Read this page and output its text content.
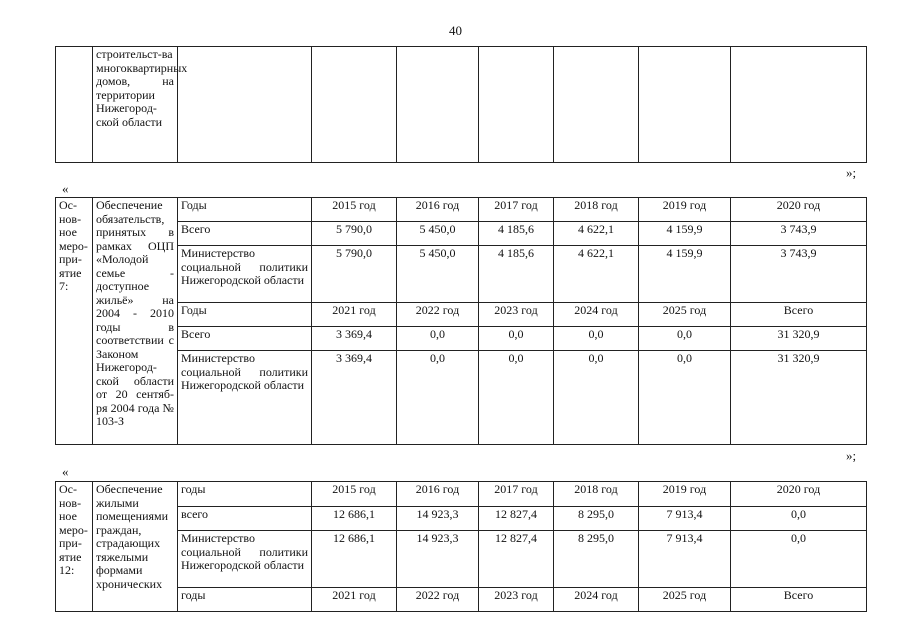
40
	строительст-ва многоквартирных домов, на территории Нижегород-ской области							
»;
«
Ос-нов-ное меро-при-ятие 7:	Обеспечение обязательств, принятых в рамках ОЦП «Молодой семье - доступное жильё» на 2004 - 2010 годы в соответствии с Законом Нижегород-ской области от 20 сентяб-ря 2004 года № 103-З	Годы	2015 год	2016 год	2017 год	2018 год	2019 год	2020 год
		Всего	5 790,0	5 450,0	4 185,6	4 622,1	4 159,9	3 743,9
		Министерство социальной политики Нижегородской области	5 790,0	5 450,0	4 185,6	4 622,1	4 159,9	3 743,9
		Годы	2021 год	2022 год	2023 год	2024 год	2025 год	Всего
		Всего	3 369,4	0,0	0,0	0,0	0,0	31 320,9
		Министерство социальной политики Нижегородской области	3 369,4	0,0	0,0	0,0	0,0	31 320,9
»;
«
Ос-нов-ное меро-при-ятие 12:	Обеспечение жилыми помещениями граждан, страдающих тяжелыми формами хронических	годы	2015 год	2016 год	2017 год	2018 год	2019 год	2020 год
		всего	12 686,1	14 923,3	12 827,4	8 295,0	7 913,4	0,0
		Министерство социальной политики Нижегородской области	12 686,1	14 923,3	12 827,4	8 295,0	7 913,4	0,0
		годы	2021 год	2022 год	2023 год	2024 год	2025 год	Всего
